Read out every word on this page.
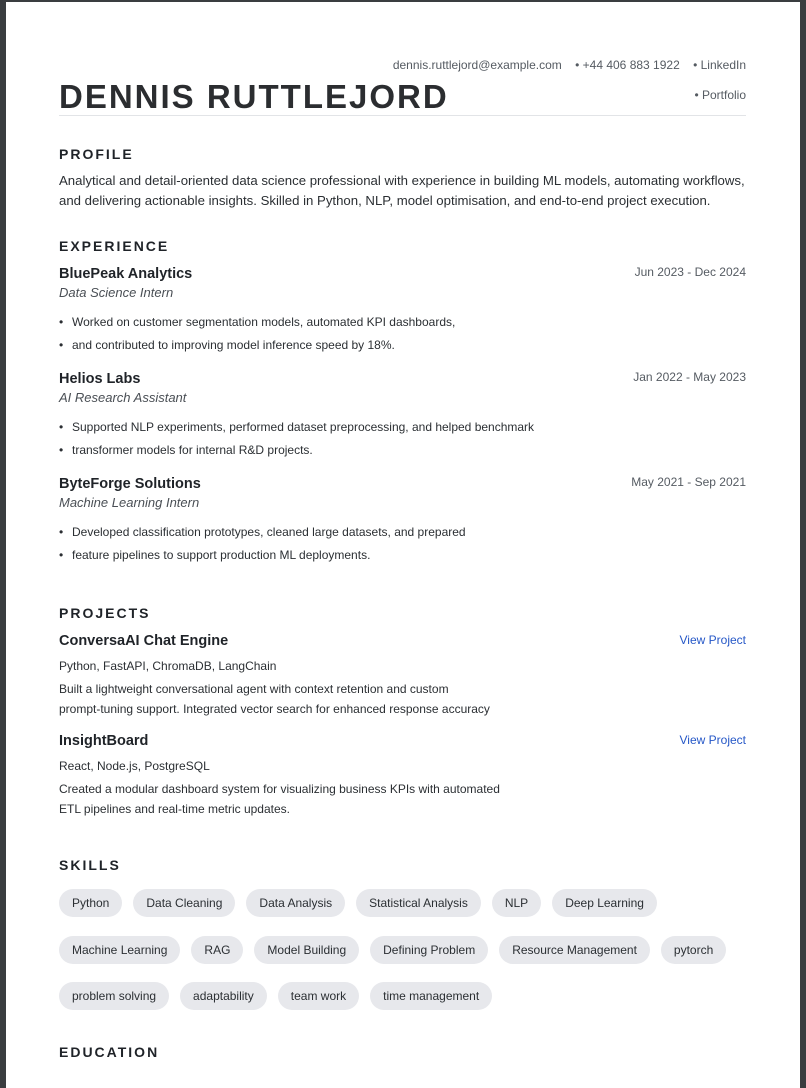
dennis.ruttlejord@example.com • +44 406 883 1922 • LinkedIn
• Portfolio
DENNIS RUTTLEJORD
PROFILE

Analytical and detail-oriented data science professional with experience in building ML models, automating workflows, and delivering actionable insights. Skilled in Python, NLP, model optimisation, and end-to-end project execution.

EXPERIENCE
BluePeak Analytics	Jun 2023 - Dec 2024
Data Science Intern
• Worked on customer segmentation models, automated KPI dashboards,
• and contributed to improving model inference speed by 18%.
Helios Labs	Jan 2022 - May 2023
AI Research Assistant
• Supported NLP experiments, performed dataset preprocessing, and helped benchmark
• transformer models for internal R&D projects.
ByteForge Solutions	May 2021 - Sep 2021
Machine Learning Intern
• Developed classification prototypes, cleaned large datasets, and prepared
• feature pipelines to support production ML deployments.
PROJECTS
ConversaAI Chat Engine	View Project
Python, FastAPI, ChromaDB, LangChain

Built a lightweight conversational agent with context retention and custom
prompt-tuning support. Integrated vector search for enhanced response accuracy

InsightBoard	View Project
React, Node.js, PostgreSQL

Created a modular dashboard system for visualizing business KPIs with automated
ETL pipelines and real-time metric updates.

SKILLS
Python	Data Cleaning	Data Analysis	Statistical Analysis	NLP	Deep Learning
Machine Learning	RAG	Model Building	Defining Problem	Resource Management	pytorch
problem solving	adaptability	team work	time management
EDUCATION
